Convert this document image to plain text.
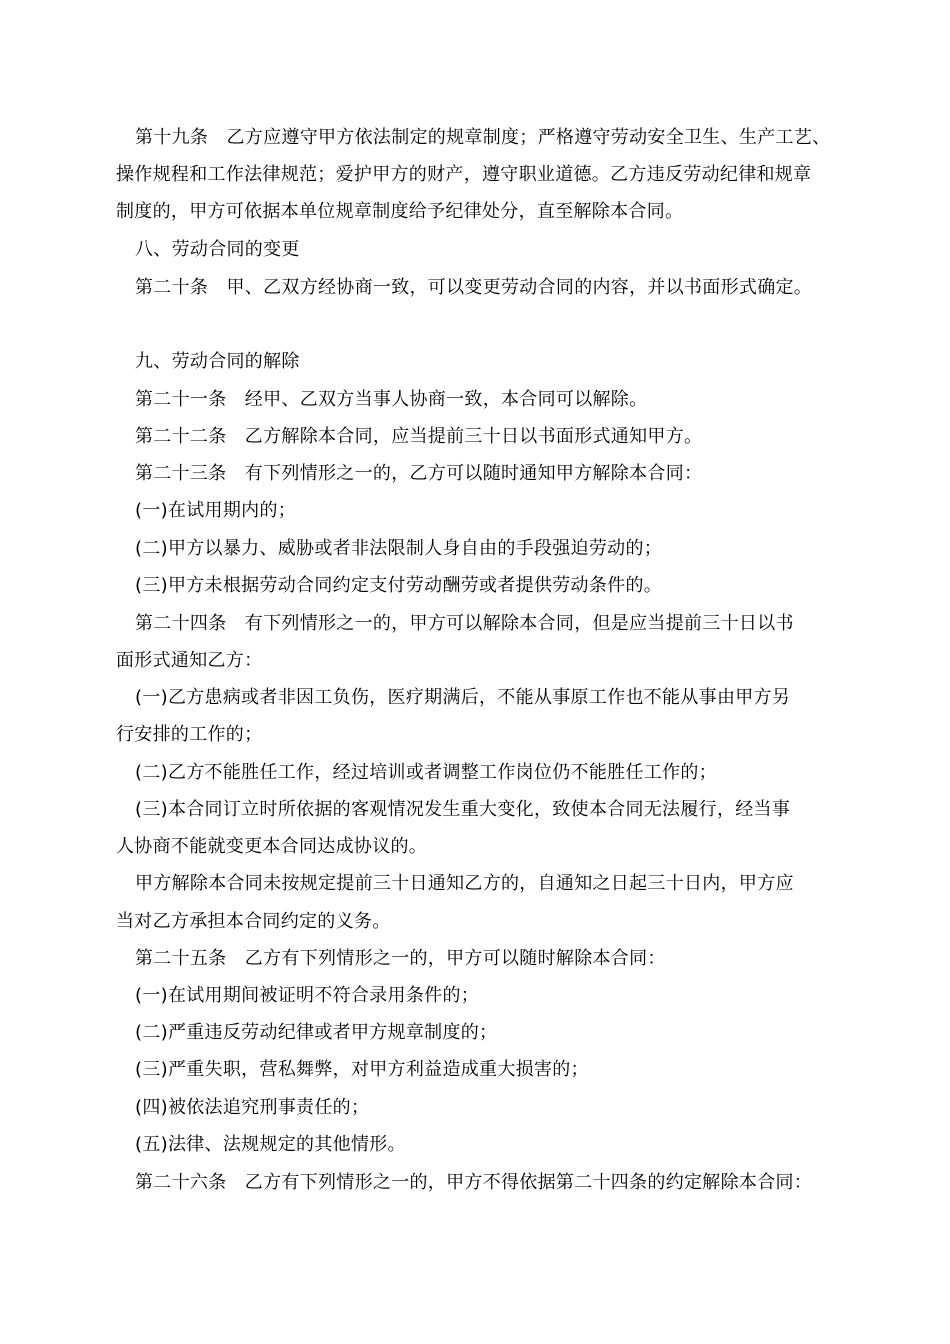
第十九条　乙方应遵守甲方依法制定的规章制度；严格遵守劳动安全卫生、生产工艺、
操作规程和工作法律规范；爱护甲方的财产，遵守职业道德。乙方违反劳动纪律和规章
制度的，甲方可依据本单位规章制度给予纪律处分，直至解除本合同。
八、劳动合同的变更
第二十条　甲、乙双方经协商一致，可以变更劳动合同的内容，并以书面形式确定。
九、劳动合同的解除
第二十一条　经甲、乙双方当事人协商一致，本合同可以解除。
第二十二条　乙方解除本合同，应当提前三十日以书面形式通知甲方。
第二十三条　有下列情形之一的，乙方可以随时通知甲方解除本合同：
(一)在试用期内的；
(二)甲方以暴力、威胁或者非法限制人身自由的手段强迫劳动的；
(三)甲方未根据劳动合同约定支付劳动酬劳或者提供劳动条件的。
第二十四条　有下列情形之一的，甲方可以解除本合同，但是应当提前三十日以书
面形式通知乙方：
(一)乙方患病或者非因工负伤，医疗期满后，不能从事原工作也不能从事由甲方另
行安排的工作的；
(二)乙方不能胜任工作，经过培训或者调整工作岗位仍不能胜任工作的；
(三)本合同订立时所依据的客观情况发生重大变化，致使本合同无法履行，经当事
人协商不能就变更本合同达成协议的。
甲方解除本合同未按规定提前三十日通知乙方的，自通知之日起三十日内，甲方应
当对乙方承担本合同约定的义务。
第二十五条　乙方有下列情形之一的，甲方可以随时解除本合同：
(一)在试用期间被证明不符合录用条件的；
(二)严重违反劳动纪律或者甲方规章制度的；
(三)严重失职，营私舞弊，对甲方利益造成重大损害的；
(四)被依法追究刑事责任的；
(五)法律、法规规定的其他情形。
第二十六条　乙方有下列情形之一的，甲方不得依据第二十四条的约定解除本合同：
